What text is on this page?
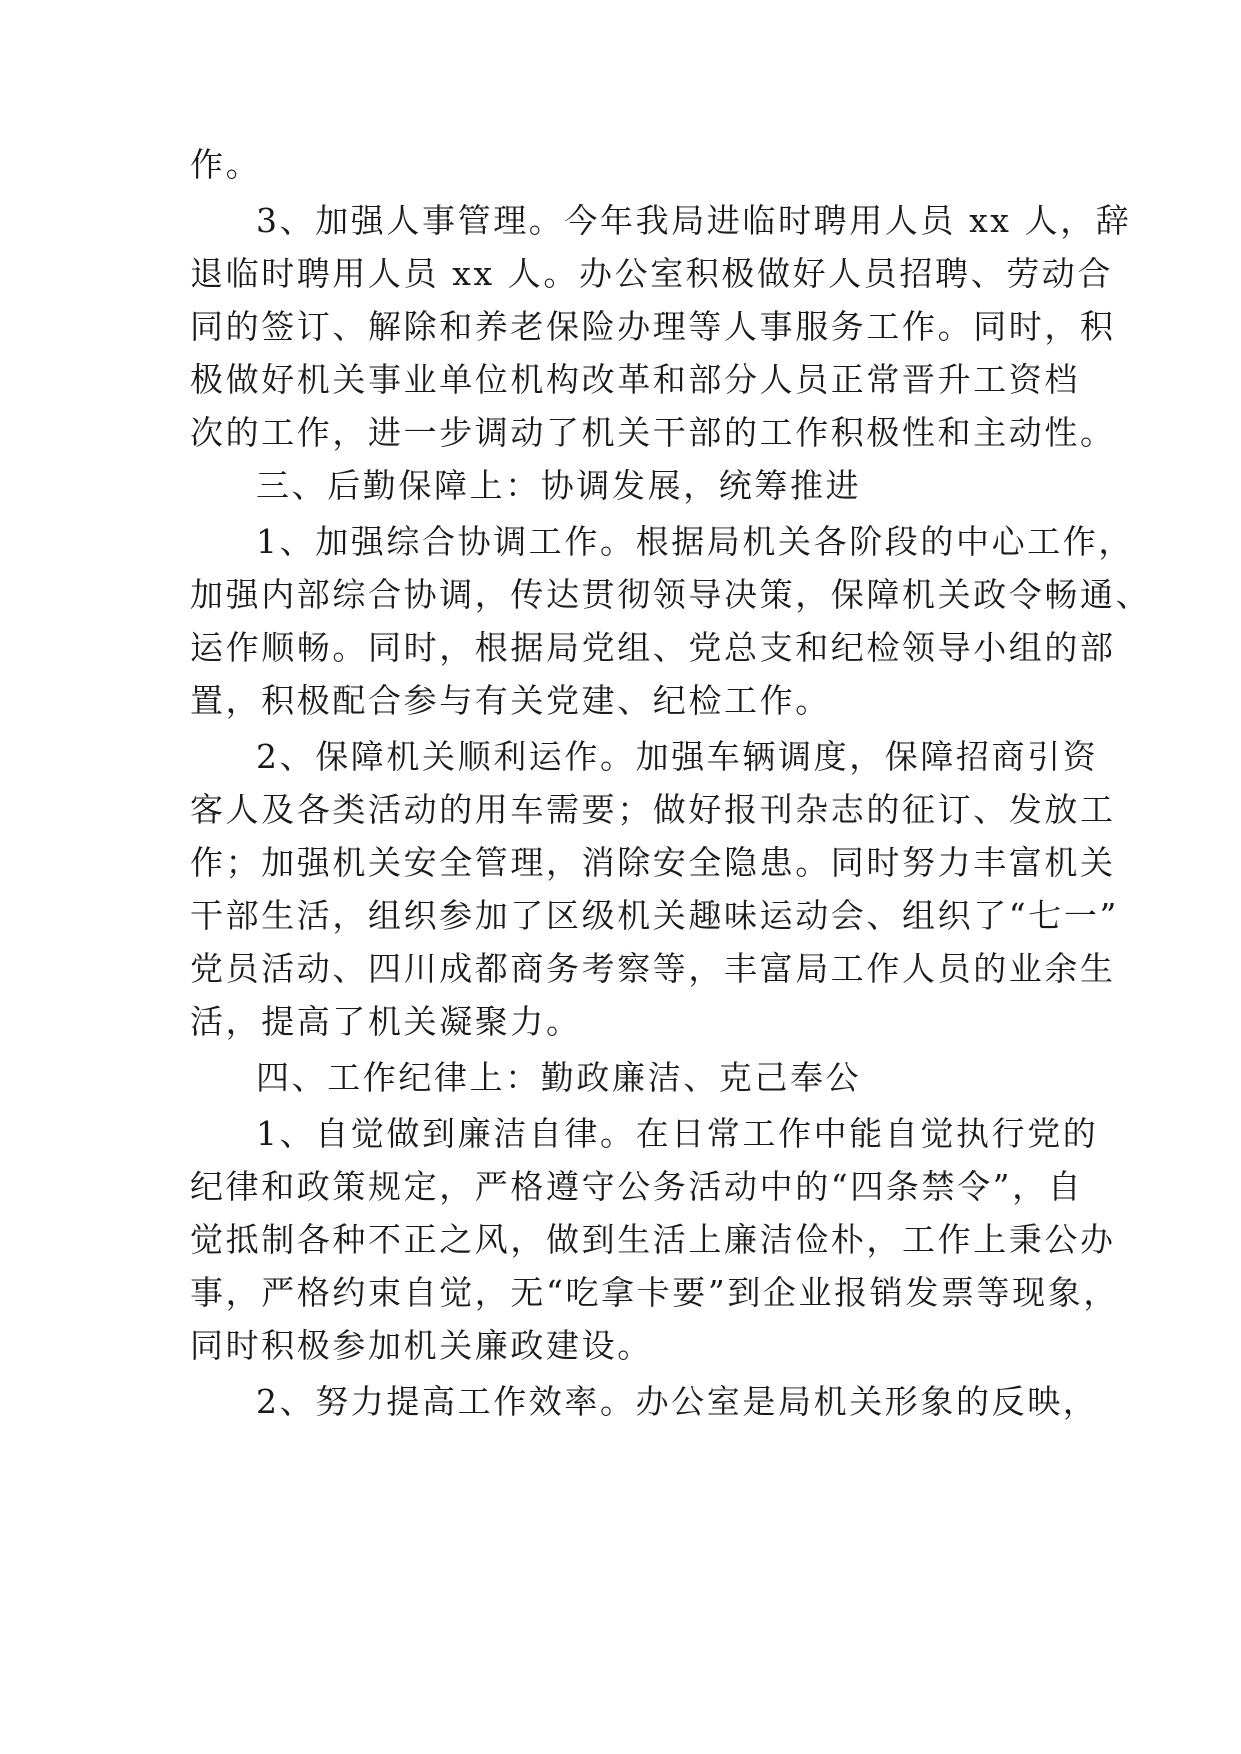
作。
3、加强人事管理。今年我局进临时聘用人员 xx 人，辞
退临时聘用人员 xx 人。办公室积极做好人员招聘、劳动合
同的签订、解除和养老保险办理等人事服务工作。同时，积
极做好机关事业单位机构改革和部分人员正常晋升工资档
次的工作，进一步调动了机关干部的工作积极性和主动性。
三、后勤保障上：协调发展，统筹推进
1、加强综合协调工作。根据局机关各阶段的中心工作，
加强内部综合协调，传达贯彻领导决策，保障机关政令畅通、
运作顺畅。同时，根据局党组、党总支和纪检领导小组的部
置，积极配合参与有关党建、纪检工作。
2、保障机关顺利运作。加强车辆调度，保障招商引资
客人及各类活动的用车需要；做好报刊杂志的征订、发放工
作；加强机关安全管理，消除安全隐患。同时努力丰富机关
干部生活，组织参加了区级机关趣味运动会、组织了“七一”
党员活动、四川成都商务考察等，丰富局工作人员的业余生
活，提高了机关凝聚力。
四、工作纪律上：勤政廉洁、克己奉公
1、自觉做到廉洁自律。在日常工作中能自觉执行党的
纪律和政策规定，严格遵守公务活动中的“四条禁令”，自
觉抵制各种不正之风，做到生活上廉洁俭朴，工作上秉公办
事，严格约束自觉，无“吃拿卡要”到企业报销发票等现象，
同时积极参加机关廉政建设。
2、努力提高工作效率。办公室是局机关形象的反映，
